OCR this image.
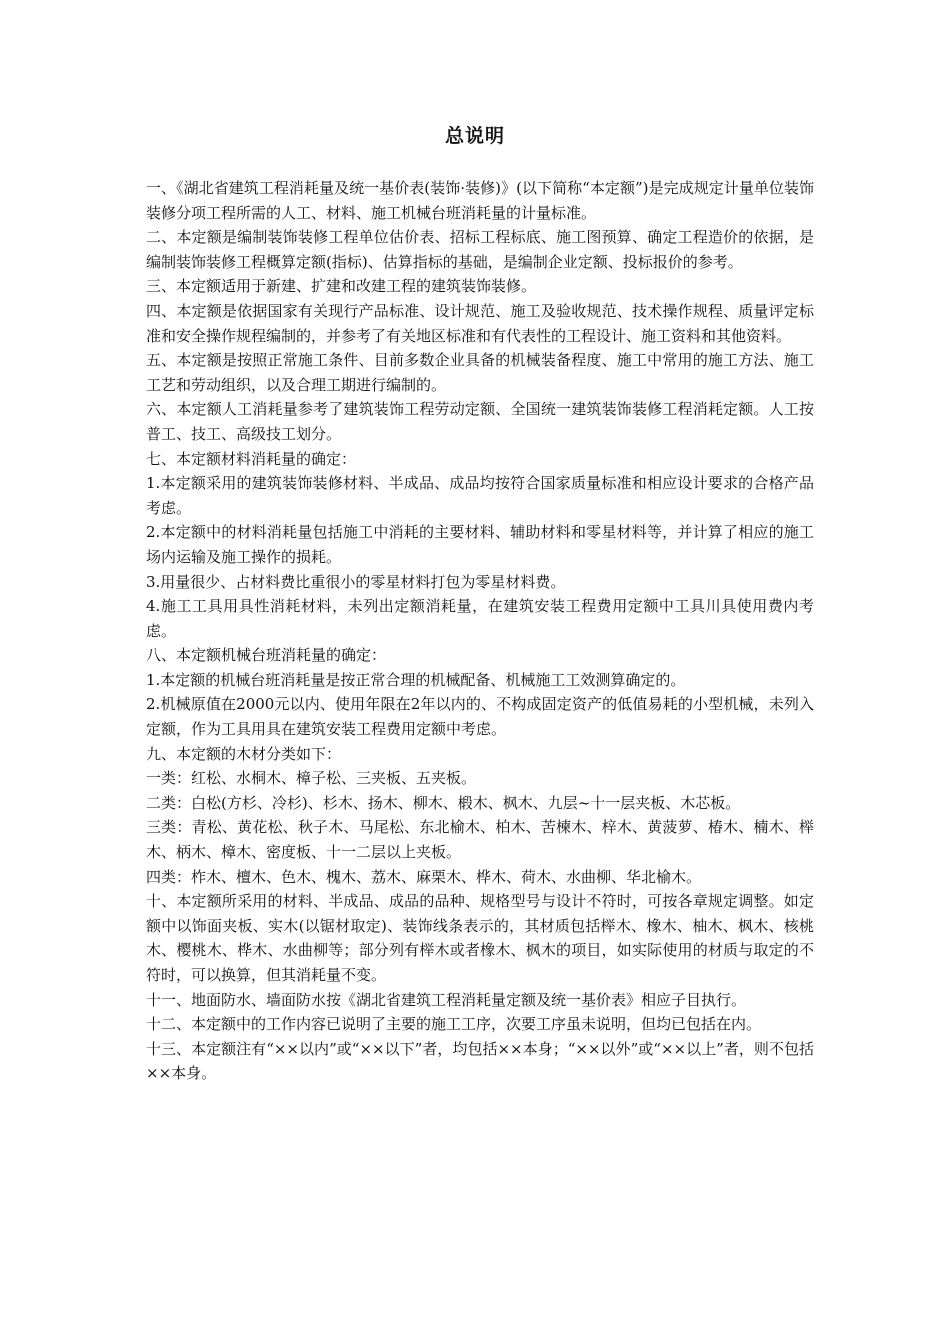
总说明

一、《湖北省建筑工程消耗量及统一基价表(装饰·装修)》(以下简称“本定额”)是完成规定计量单位装饰装修分项工程所需的人工、材料、施工机械台班消耗量的计量标准。

二、本定额是编制装饰装修工程单位估价表、招标工程标底、施工图预算、确定工程造价的依据，是编制装饰装修工程概算定额(指标)、估算指标的基础，是编制企业定额、投标报价的参考。

三、本定额适用于新建、扩建和改建工程的建筑装饰装修。

四、本定额是依据国家有关现行产品标准、设计规范、施工及验收规范、技术操作规程、质量评定标准和安全操作规程编制的，并参考了有关地区标准和有代表性的工程设计、施工资料和其他资料。

五、本定额是按照正常施工条件、目前多数企业具备的机械装备程度、施工中常用的施工方法、施工工艺和劳动组织，以及合理工期进行编制的。

六、本定额人工消耗量参考了建筑装饰工程劳动定额、全国统一建筑装饰装修工程消耗定额。人工按普工、技工、高级技工划分。

七、本定额材料消耗量的确定：

1.本定额采用的建筑装饰装修材料、半成品、成品均按符合国家质量标准和相应设计要求的合格产品考虑。

2.本定额中的材料消耗量包括施工中消耗的主要材料、辅助材料和零星材料等，并计算了相应的施工场内运输及施工操作的损耗。

3.用量很少、占材料费比重很小的零星材料打包为零星材料费。

4.施工工具用具性消耗材料，未列出定额消耗量，在建筑安装工程费用定额中工具川具使用费内考虑。

八、本定额机械台班消耗量的确定：

1.本定额的机械台班消耗量是按正常合理的机械配备、机械施工工效测算确定的。

2.机械原值在2000元以内、使用年限在2年以内的、不构成固定资产的低值易耗的小型机械，未列入定额，作为工具用具在建筑安装工程费用定额中考虑。

九、本定额的木材分类如下：

一类：红松、水桐木、樟子松、三夹板、五夹板。

二类：白松(方杉、冷杉)、杉木、扬木、柳木、椴木、枫木、九层~十一层夹板、木芯板。

三类：青松、黄花松、秋子木、马尾松、东北榆木、柏木、苦楝木、梓木、黄菠萝、椿木、楠木、榉木、柄木、樟木、密度板、十一二层以上夹板。

四类：柞木、檀木、色木、槐木、荔木、麻栗木、桦木、荷木、水曲柳、华北榆木。

十、本定额所采用的材料、半成品、成品的品种、规格型号与设计不符时，可按各章规定调整。如定额中以饰面夹板、实木(以锯材取定)、装饰线条表示的，其材质包括榉木、橡木、柚木、枫木、核桃木、樱桃木、桦木、水曲柳等；部分列有榉木或者橡木、枫木的项目，如实际使用的材质与取定的不符时，可以换算，但其消耗量不变。

十一、地面防水、墙面防水按《湖北省建筑工程消耗量定额及统一基价表》相应子目执行。

十二、本定额中的工作内容已说明了主要的施工工序，次要工序虽未说明，但均已包括在内。

十三、本定额注有“××以内”或“××以下”者，均包括××本身；“××以外”或“××以上”者，则不包括××本身。
